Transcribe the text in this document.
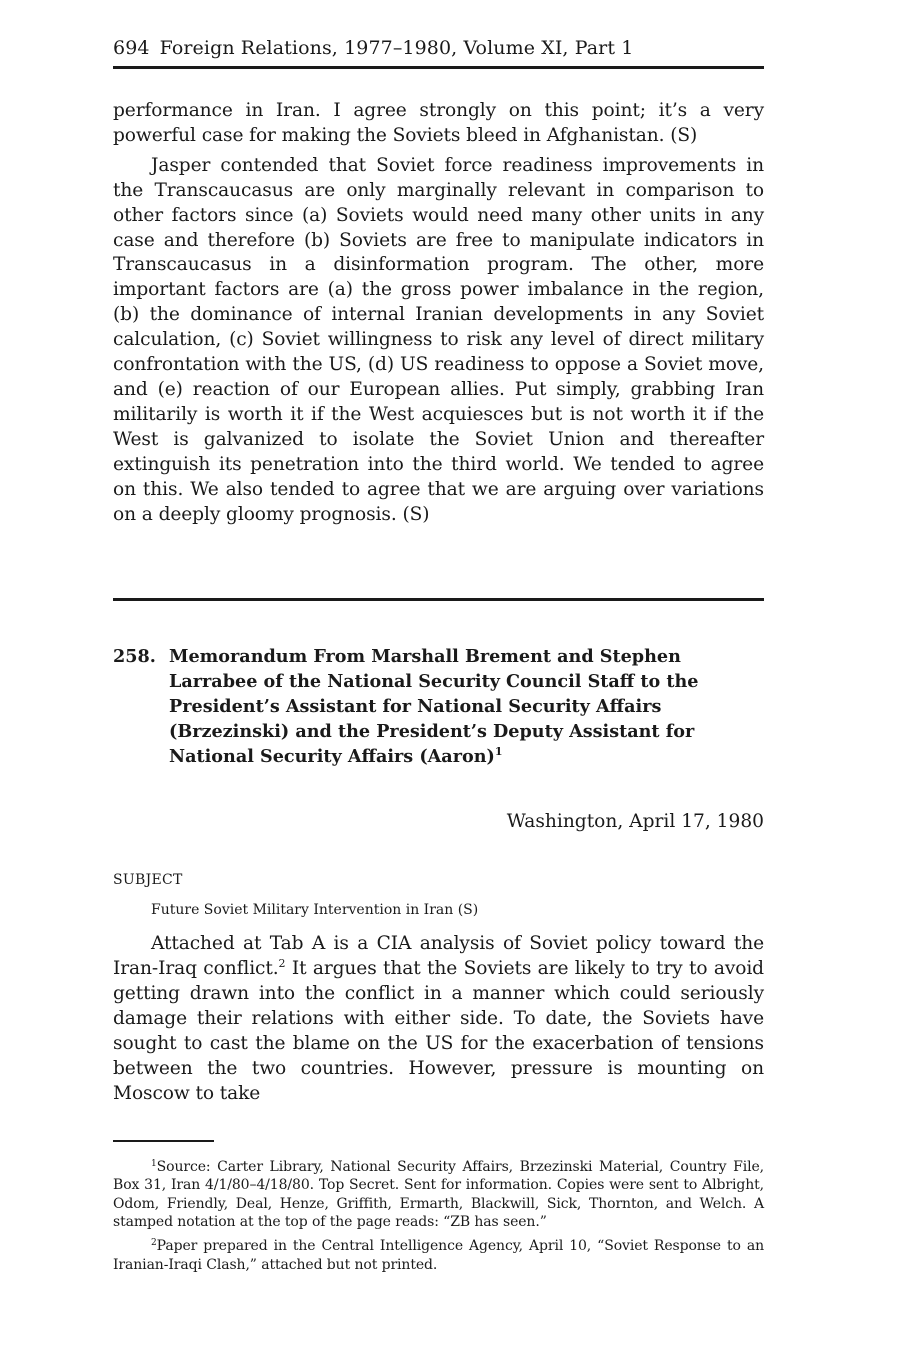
694 Foreign Relations, 1977–1980, Volume XI, Part 1

performance in Iran. I agree strongly on this point; it’s a very powerful case for making the Soviets bleed in Afghanistan. (S)

Jasper contended that Soviet force readiness improvements in the Transcaucasus are only marginally relevant in comparison to other factors since (a) Soviets would need many other units in any case and therefore (b) Soviets are free to manipulate indicators in Transcaucasus in a disinformation program. The other, more important factors are (a) the gross power imbalance in the region, (b) the dominance of internal Iranian developments in any Soviet calculation, (c) Soviet willingness to risk any level of direct military confrontation with the US, (d) US readiness to oppose a Soviet move, and (e) reaction of our European allies. Put simply, grabbing Iran militarily is worth it if the West acquiesces but is not worth it if the West is galvanized to isolate the Soviet Union and thereafter extinguish its penetration into the third world. We tended to agree on this. We also tended to agree that we are arguing over variations on a deeply gloomy prognosis. (S)

258. Memorandum From Marshall Brement and Stephen Larrabee of the National Security Council Staff to the President’s Assistant for National Security Affairs (Brzezinski) and the President’s Deputy Assistant for National Security Affairs (Aaron)$^1$
Washington, April 17, 1980
SUBJECT
Future Soviet Military Intervention in Iran (S)

Attached at Tab A is a CIA analysis of Soviet policy toward the Iran-Iraq conflict.$^2$ It argues that the Soviets are likely to try to avoid getting drawn into the conflict in a manner which could seriously damage their relations with either side. To date, the Soviets have sought to cast the blame on the US for the exacerbation of tensions between the two countries. However, pressure is mounting on Moscow to take

$^1$Source: Carter Library, National Security Affairs, Brzezinski Material, Country File, Box 31, Iran 4/1/80–4/18/80. Top Secret. Sent for information. Copies were sent to Albright, Odom, Friendly, Deal, Henze, Griffith, Ermarth, Blackwill, Sick, Thornton, and Welch. A stamped notation at the top of the page reads: “ZB has seen.”

$^2$Paper prepared in the Central Intelligence Agency, April 10, “Soviet Response to an Iranian-Iraqi Clash,” attached but not printed.
